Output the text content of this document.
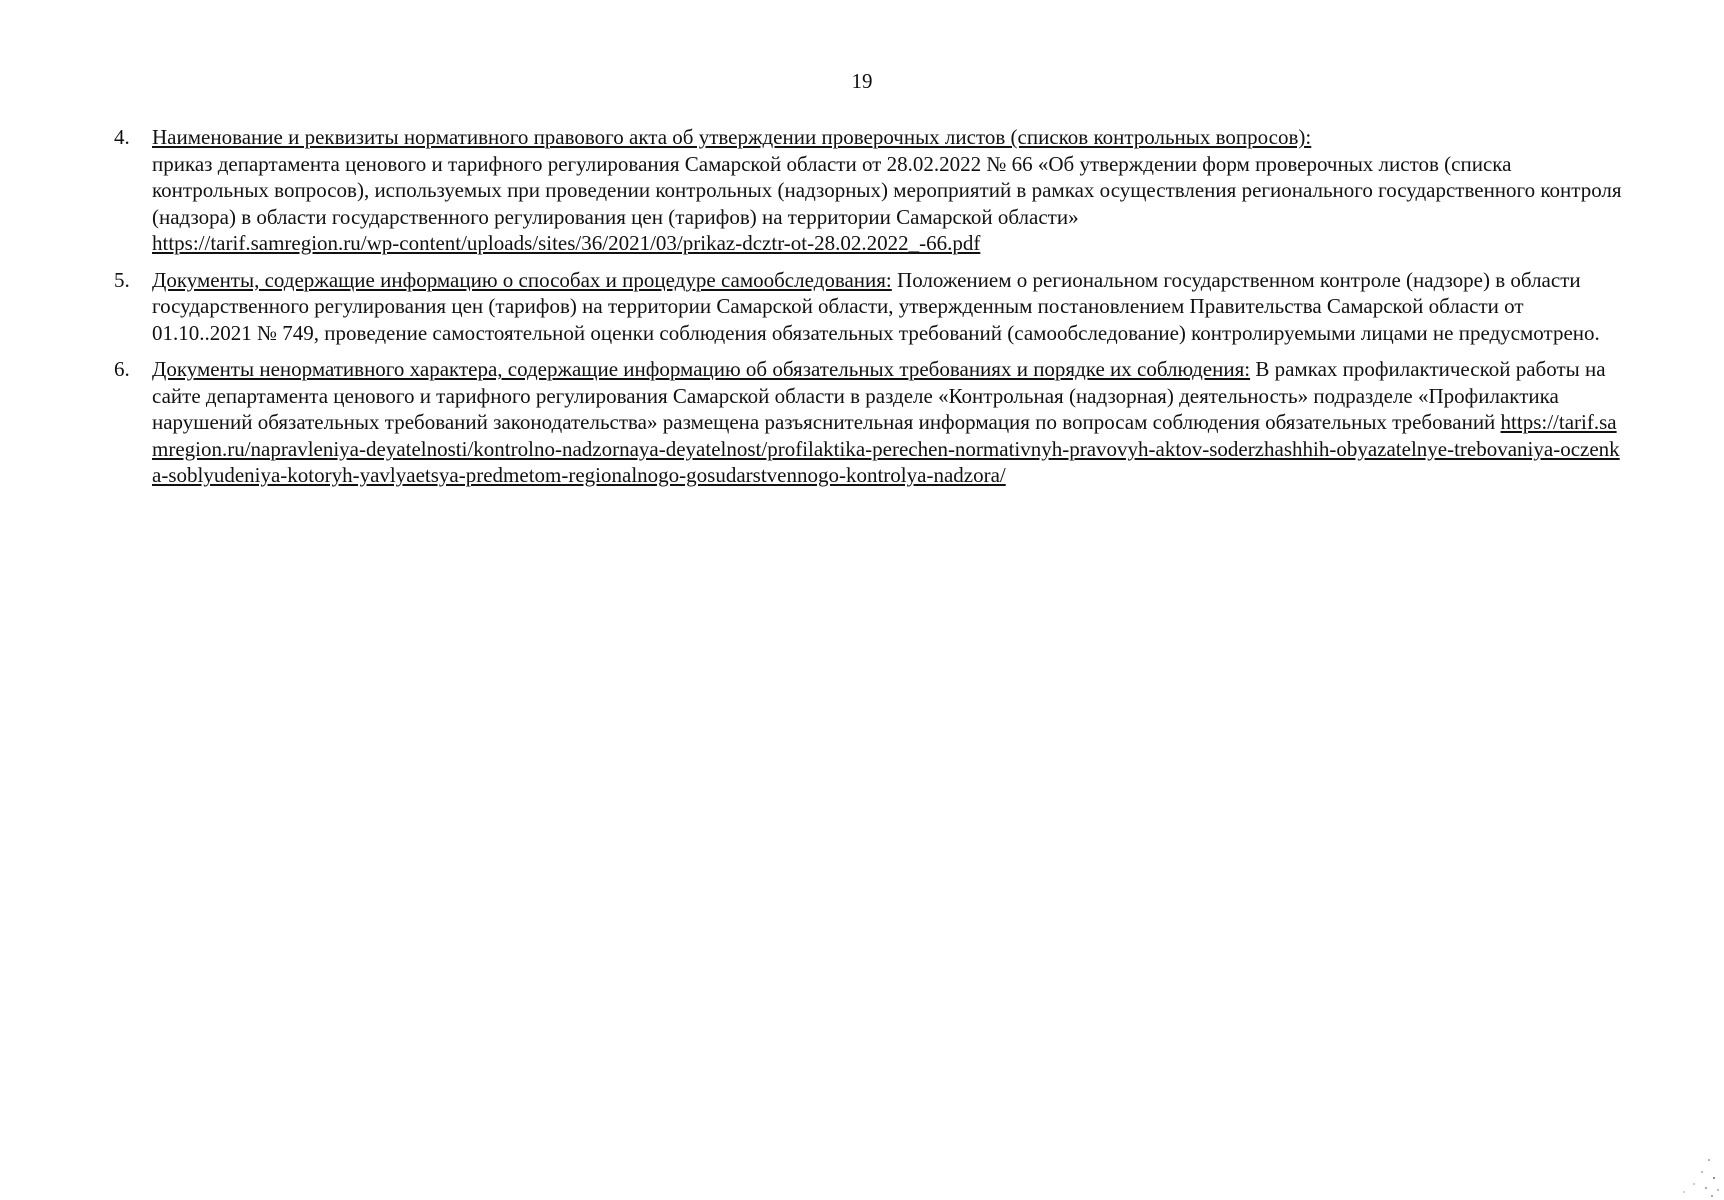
19
4. Наименование и реквизиты нормативного правового акта об утверждении проверочных листов (списков контрольных вопросов):
приказ департамента ценового и тарифного регулирования Самарской области от 28.02.2022 № 66 «Об утверждении форм проверочных листов (списка контрольных вопросов), используемых при проведении контрольных (надзорных) мероприятий в рамках осуществления регионального государственного контроля (надзора) в области государственного регулирования цен (тарифов) на территории Самарской области»
https://tarif.samregion.ru/wp-content/uploads/sites/36/2021/03/prikaz-dcztr-ot-28.02.2022_-66.pdf
5. Документы, содержащие информацию о способах и процедуре самообследования: Положением о региональном государственном контроле (надзоре) в области государственного регулирования цен (тарифов) на территории Самарской области, утвержденным постановлением Правительства Самарской области от 01.10..2021 № 749, проведение самостоятельной оценки соблюдения обязательных требований (самообследование) контролируемыми лицами не предусмотрено.
6. Документы ненормативного характера, содержащие информацию об обязательных требованиях и порядке их соблюдения: В рамках профилактической работы на сайте департамента ценового и тарифного регулирования Самарской области в разделе «Контрольная (надзорная) деятельность» подразделе «Профилактика нарушений обязательных требований законодательства» размещена разъяснительная информация по вопросам соблюдения обязательных требований https://tarif.samregion.ru/napravleniya-deyatelnosti/kontrolno-nadzornaya-deyatelnost/profilaktika-perechen-normativnyh-pravovyh-aktov-soderzhashhih-obyazatelnye-trebovaniya-oczenka-soblyudeniya-kotoryh-yavlyaetsya-predmetom-regionalnogo-gosudarstvennogo-kontrolya-nadzora/
